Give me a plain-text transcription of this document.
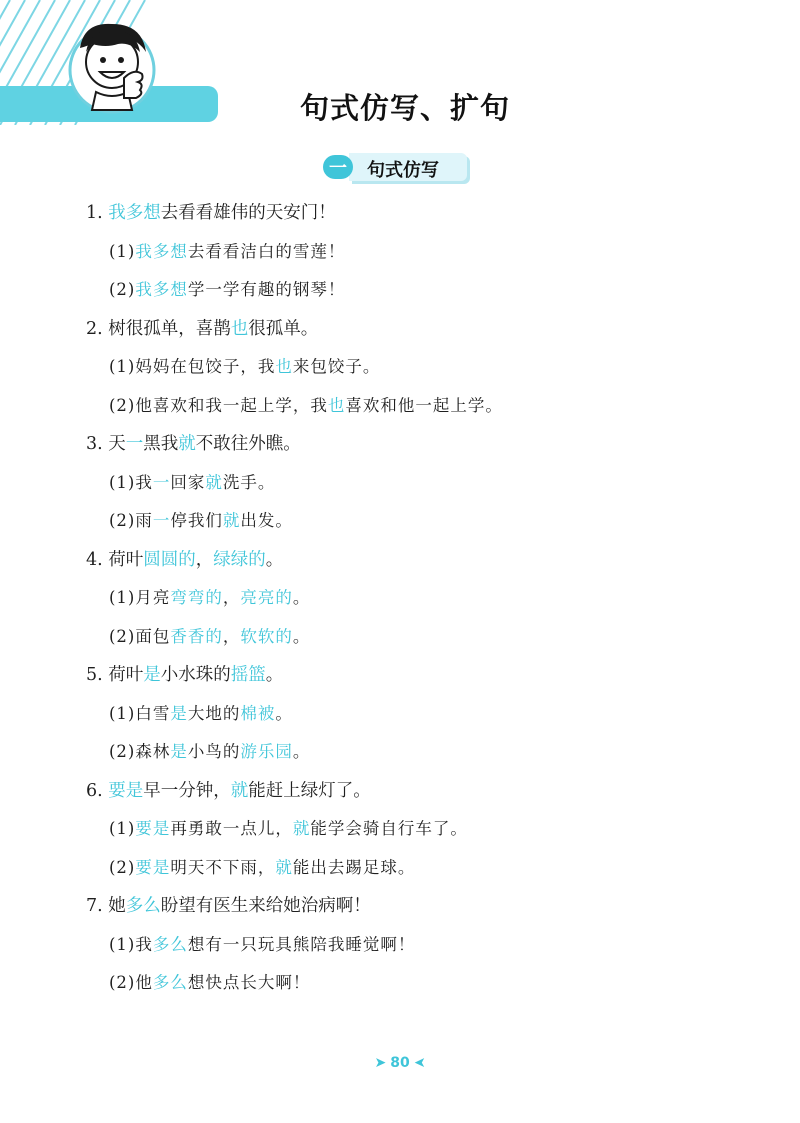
句式仿写、扩句
一	句式仿写
1. 我多想去看看雄伟的天安门！
(1)我多想去看看洁白的雪莲！
(2)我多想学一学有趣的钢琴！
2. 树很孤单，喜鹊也很孤单。
(1)妈妈在包饺子，我也来包饺子。
(2)他喜欢和我一起上学，我也喜欢和他一起上学。
3. 天一黑我就不敢往外瞧。
(1)我一回家就洗手。
(2)雨一停我们就出发。
4. 荷叶圆圆的，绿绿的。
(1)月亮弯弯的，亮亮的。
(2)面包香香的，软软的。
5. 荷叶是小水珠的摇篮。
(1)白雪是大地的棉被。
(2)森林是小鸟的游乐园。
6. 要是早一分钟，就能赶上绿灯了。
(1)要是再勇敢一点儿，就能学会骑自行车了。
(2)要是明天不下雨，就能出去踢足球。
7. 她多么盼望有医生来给她治病啊！
(1)我多么想有一只玩具熊陪我睡觉啊！
(2)他多么想快点长大啊！
➤ 80 ➤
